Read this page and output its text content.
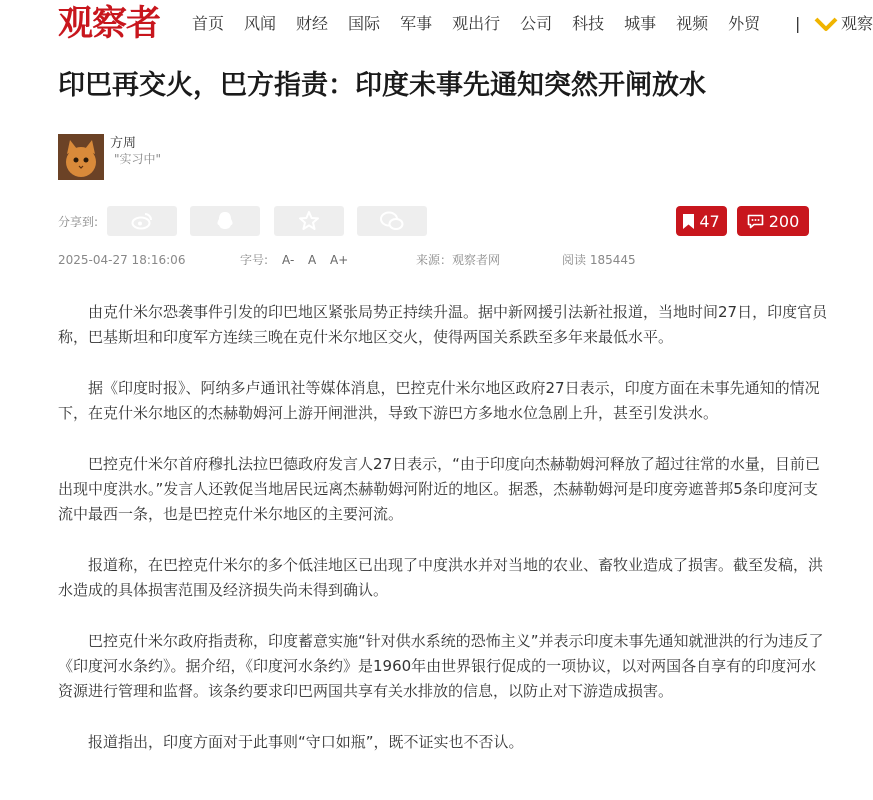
观察者 首页 风闻 财经 国际 军事 观出行 公司 科技 城事 视频 外贸 |	观察
印巴再交火，巴方指责：印度未事先通知突然开闸放水
方周
"实习中"
分享到:	47	200
2025-04-27 18:16:06	字号: A- A A+	来源：观察者网	阅读 185445

由克什米尔恐袭事件引发的印巴地区紧张局势正持续升温。据中新网援引法新社报道，当地时间27日，印度官员称，巴基斯坦和印度军方连续三晚在克什米尔地区交火，使得两国关系跌至多年来最低水平。

据《印度时报》、阿纳多卢通讯社等媒体消息，巴控克什米尔地区政府27日表示，印度方面在未事先通知的情况下，在克什米尔地区的杰赫勒姆河上游开闸泄洪，导致下游巴方多地水位急剧上升，甚至引发洪水。

巴控克什米尔首府穆扎法拉巴德政府发言人27日表示，“由于印度向杰赫勒姆河释放了超过往常的水量，目前已出现中度洪水。”发言人还敦促当地居民远离杰赫勒姆河附近的地区。据悉，杰赫勒姆河是印度旁遮普邦5条印度河支流中最西一条，也是巴控克什米尔地区的主要河流。

报道称，在巴控克什米尔的多个低洼地区已出现了中度洪水并对当地的农业、畜牧业造成了损害。截至发稿，洪水造成的具体损害范围及经济损失尚未得到确认。

巴控克什米尔政府指责称，印度蓄意实施“针对供水系统的恐怖主义”并表示印度未事先通知就泄洪的行为违反了《印度河水条约》。据介绍，《印度河水条约》是1960年由世界银行促成的一项协议，以对两国各自享有的印度河水资源进行管理和监督。该条约要求印巴两国共享有关水排放的信息，以防止对下游造成损害。

报道指出，印度方面对于此事则“守口如瓶”，既不证实也不否认。
